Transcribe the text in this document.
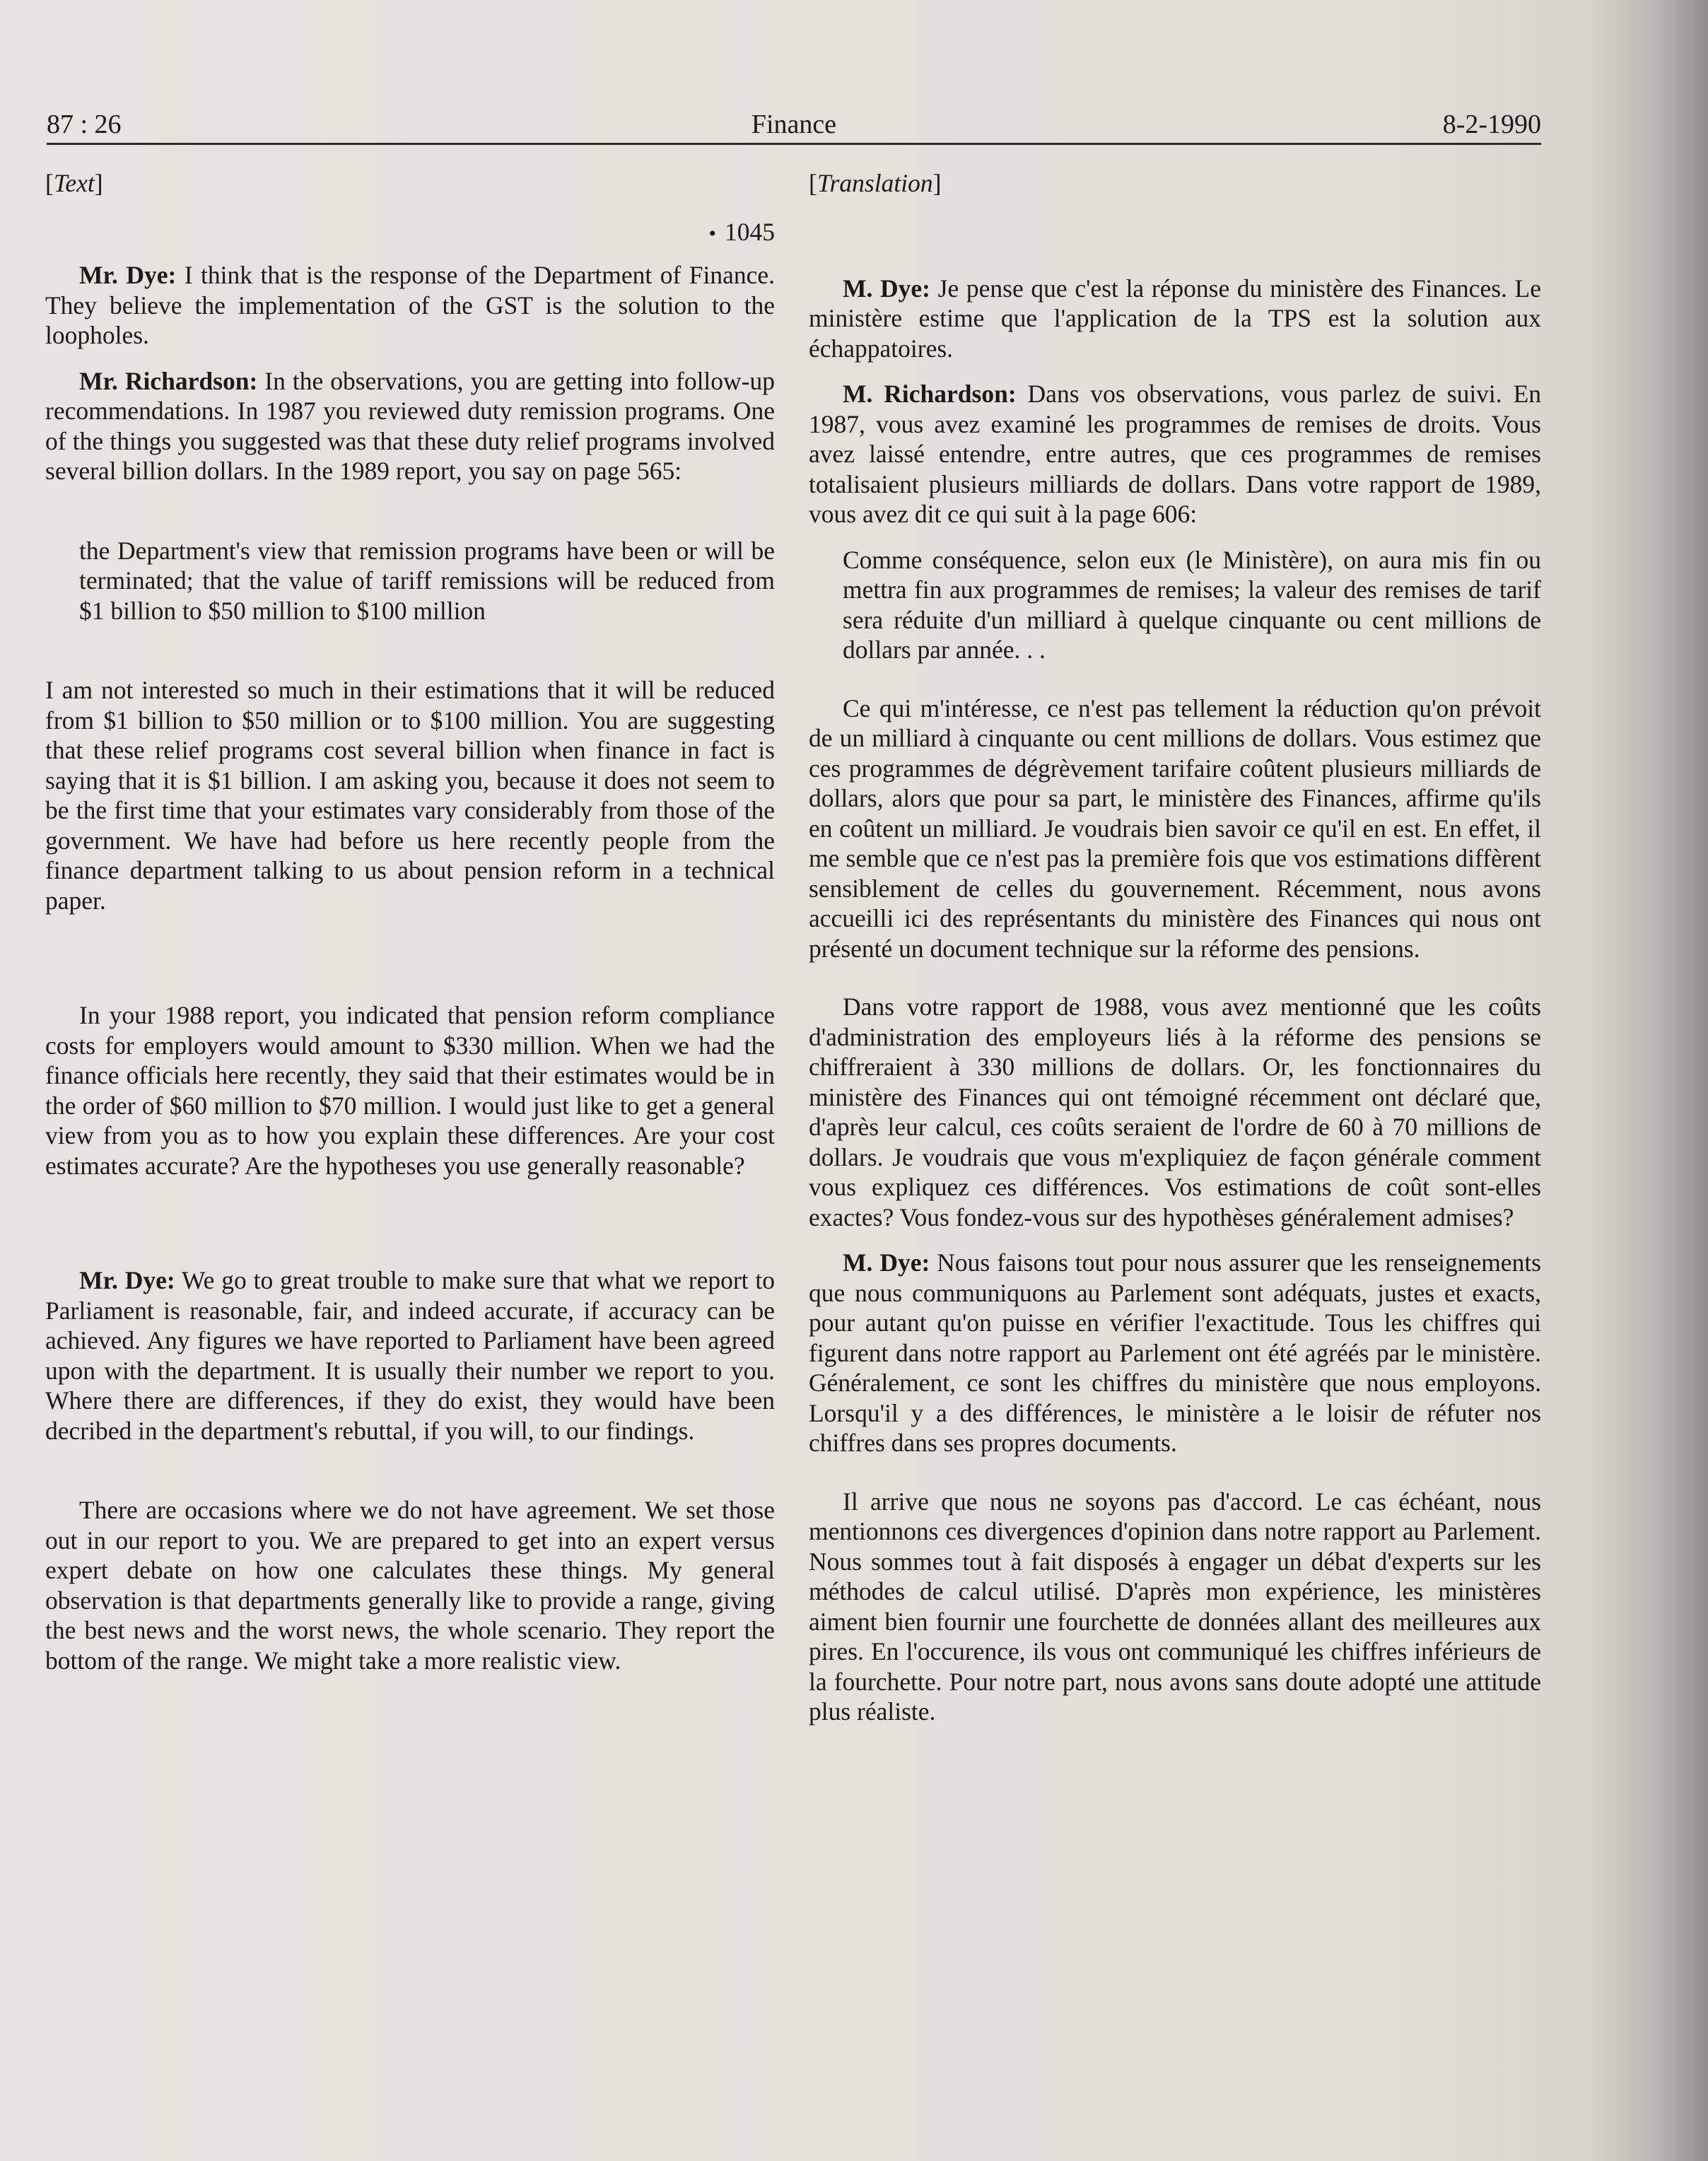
87 : 26	Finance	8-2-1990
[Text]
• 1045

Mr. Dye: I think that is the response of the Department of Finance. They believe the implementation of the GST is the solution to the loopholes.

Mr. Richardson: In the observations, you are getting into follow-up recommendations. In 1987 you reviewed duty remission programs. One of the things you suggested was that these duty relief programs involved several billion dollars. In the 1989 report, you say on page 565:

the Department's view that remission programs have been or will be terminated; that the value of tariff remissions will be reduced from $1 billion to $50 million to $100 million

I am not interested so much in their estimations that it will be reduced from $1 billion to $50 million or to $100 million. You are suggesting that these relief programs cost several billion when finance in fact is saying that it is $1 billion. I am asking you, because it does not seem to be the first time that your estimates vary considerably from those of the government. We have had before us here recently people from the finance department talking to us about pension reform in a technical paper.

In your 1988 report, you indicated that pension reform compliance costs for employers would amount to $330 million. When we had the finance officials here recently, they said that their estimates would be in the order of $60 million to $70 million. I would just like to get a general view from you as to how you explain these differences. Are your cost estimates accurate? Are the hypotheses you use generally reasonable?

Mr. Dye: We go to great trouble to make sure that what we report to Parliament is reasonable, fair, and indeed accurate, if accuracy can be achieved. Any figures we have reported to Parliament have been agreed upon with the department. It is usually their number we report to you. Where there are differences, if they do exist, they would have been decribed in the department's rebuttal, if you will, to our findings.

There are occasions where we do not have agreement. We set those out in our report to you. We are prepared to get into an expert versus expert debate on how one calculates these things. My general observation is that departments generally like to provide a range, giving the best news and the worst news, the whole scenario. They report the bottom of the range. We might take a more realistic view.

[Translation]

M. Dye: Je pense que c'est la réponse du ministère des Finances. Le ministère estime que l'application de la TPS est la solution aux échappatoires.

M. Richardson: Dans vos observations, vous parlez de suivi. En 1987, vous avez examiné les programmes de remises de droits. Vous avez laissé entendre, entre autres, que ces programmes de remises totalisaient plusieurs milliards de dollars. Dans votre rapport de 1989, vous avez dit ce qui suit à la page 606:

Comme conséquence, selon eux (le Ministère), on aura mis fin ou mettra fin aux programmes de remises; la valeur des remises de tarif sera réduite d'un milliard à quelque cinquante ou cent millions de dollars par année. . .

Ce qui m'intéresse, ce n'est pas tellement la réduction qu'on prévoit de un milliard à cinquante ou cent millions de dollars. Vous estimez que ces programmes de dégrèvement tarifaire coûtent plusieurs milliards de dollars, alors que pour sa part, le ministère des Finances, affirme qu'ils en coûtent un milliard. Je voudrais bien savoir ce qu'il en est. En effet, il me semble que ce n'est pas la première fois que vos estimations diffèrent sensiblement de celles du gouvernement. Récemment, nous avons accueilli ici des représentants du ministère des Finances qui nous ont présenté un document technique sur la réforme des pensions.

Dans votre rapport de 1988, vous avez mentionné que les coûts d'administration des employeurs liés à la réforme des pensions se chiffreraient à 330 millions de dollars. Or, les fonctionnaires du ministère des Finances qui ont témoigné récemment ont déclaré que, d'après leur calcul, ces coûts seraient de l'ordre de 60 à 70 millions de dollars. Je voudrais que vous m'expliquiez de façon générale comment vous expliquez ces différences. Vos estimations de coût sont-elles exactes? Vous fondez-vous sur des hypothèses généralement admises?

M. Dye: Nous faisons tout pour nous assurer que les renseignements que nous communiquons au Parlement sont adéquats, justes et exacts, pour autant qu'on puisse en vérifier l'exactitude. Tous les chiffres qui figurent dans notre rapport au Parlement ont été agréés par le ministère. Généralement, ce sont les chiffres du ministère que nous employons. Lorsqu'il y a des différences, le ministère a le loisir de réfuter nos chiffres dans ses propres documents.

Il arrive que nous ne soyons pas d'accord. Le cas échéant, nous mentionnons ces divergences d'opinion dans notre rapport au Parlement. Nous sommes tout à fait disposés à engager un débat d'experts sur les méthodes de calcul utilisé. D'après mon expérience, les ministères aiment bien fournir une fourchette de données allant des meilleures aux pires. En l'occurence, ils vous ont communiqué les chiffres inférieurs de la fourchette. Pour notre part, nous avons sans doute adopté une attitude plus réaliste.
